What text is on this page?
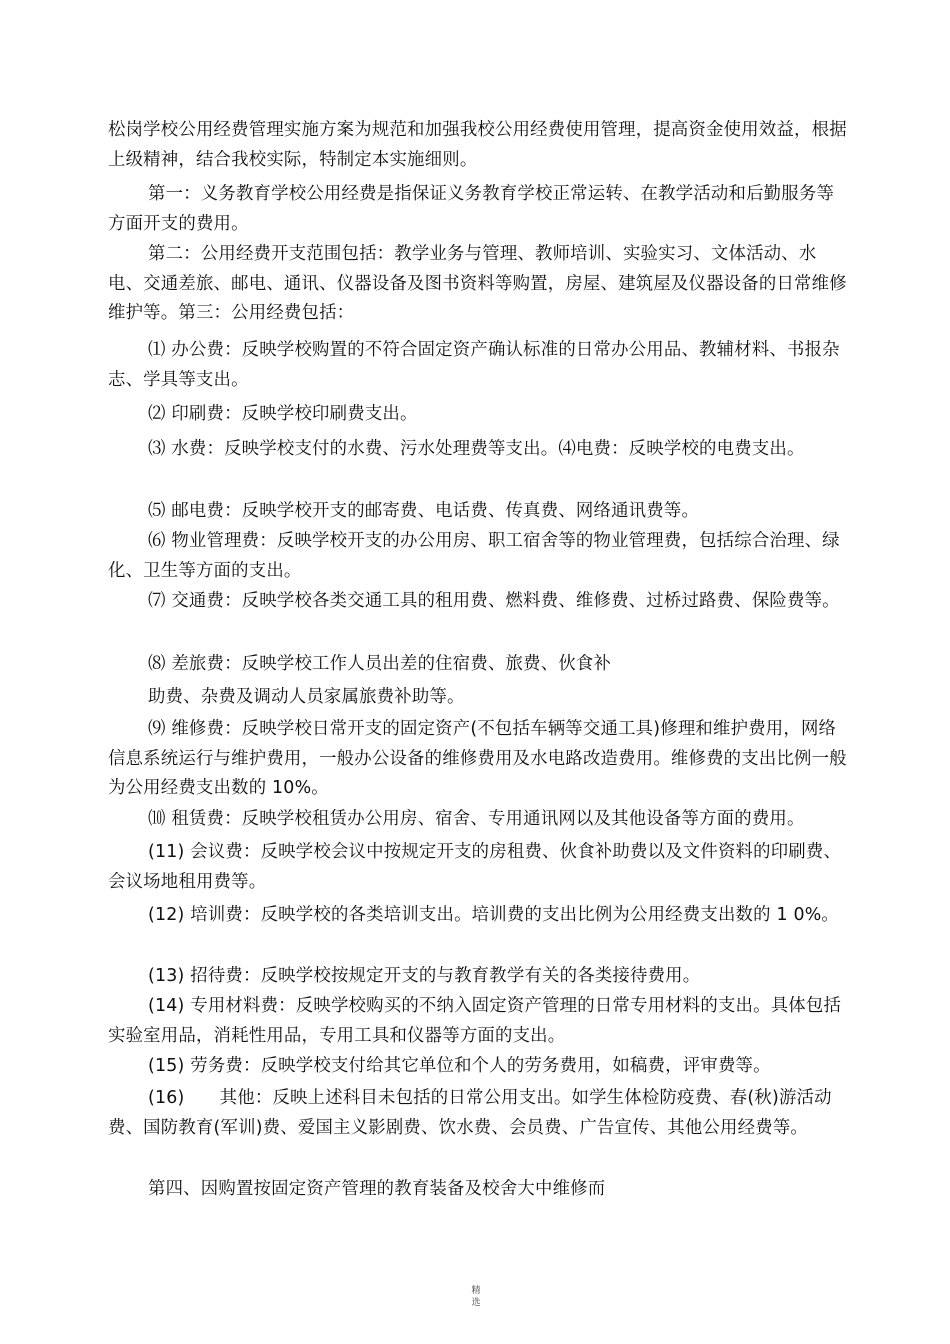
松岗学校公用经费管理实施方案为规范和加强我校公用经费使用管理，提高资金使用效益，根据上级精神，结合我校实际，特制定本实施细则。

第一：义务教育学校公用经费是指保证义务教育学校正常运转、在教学活动和后勤服务等方面开支的费用。

第二：公用经费开支范围包括：教学业务与管理、教师培训、实验实习、文体活动、水电、交通差旅、邮电、通讯、仪器设备及图书资料等购置，房屋、建筑屋及仪器设备的日常维修维护等。第三：公用经费包括：

⑴ 办公费：反映学校购置的不符合固定资产确认标准的日常办公用品、教辅材料、书报杂志、学具等支出。

⑵ 印刷费：反映学校印刷费支出。

⑶ 水费：反映学校支付的水费、污水处理费等支出。⑷电费：反映学校的电费支出。

⑸ 邮电费：反映学校开支的邮寄费、电话费、传真费、网络通讯费等。

⑹ 物业管理费：反映学校开支的办公用房、职工宿舍等的物业管理费，包括综合治理、绿化、卫生等方面的支出。

⑺ 交通费：反映学校各类交通工具的租用费、燃料费、维修费、过桥过路费、保险费等。

⑻ 差旅费：反映学校工作人员出差的住宿费、旅费、伙食补

助费、杂费及调动人员家属旅费补助等。

⑼ 维修费：反映学校日常开支的固定资产(不包括车辆等交通工具)修理和维护费用，网络信息系统运行与维护费用，一般办公设备的维修费用及水电路改造费用。维修费的支出比例一般为公用经费支出数的 10%。

⑽ 租赁费：反映学校租赁办公用房、宿舍、专用通讯网以及其他设备等方面的费用。

(11) 会议费：反映学校会议中按规定开支的房租费、伙食补助费以及文件资料的印刷费、会议场地租用费等。

(12) 培训费：反映学校的各类培训支出。培训费的支出比例为公用经费支出数的 1 0%。

(13) 招待费：反映学校按规定开支的与教育教学有关的各类接待费用。

(14) 专用材料费：反映学校购买的不纳入固定资产管理的日常专用材料的支出。具体包括实验室用品，消耗性用品，专用工具和仪器等方面的支出。

(15) 劳务费：反映学校支付给其它单位和个人的劳务费用，如稿费，评审费等。

(16)　　其他：反映上述科目未包括的日常公用支出。如学生体检防疫费、春(秋)游活动费、国防教育(军训)费、爱国主义影剧费、饮水费、会员费、广告宣传、其他公用经费等。

第四、因购置按固定资产管理的教育装备及校舍大中维修而

精
选
